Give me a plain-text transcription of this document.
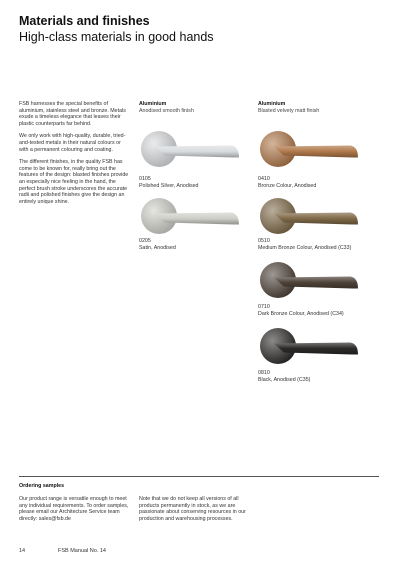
Materials and finishes
High-class materials in good hands

FSB harnesses the special benefits of aluminium, stainless steel and bronze. Metals exude a timeless elegance that leaves their plastic counterparts far behind.

We only work with high-quality, durable, tried-and-tested metals in their natural colours or with a permanent colouring and coating.

The different finishes, in the quality FSB has come to be known for, really bring out the features of the design: blasted finishes provide an especially nice feeling in the hand, the perfect brush stroke underscores the accurate radii and polished finishes give the design an entirely unique shine.

Aluminium
Anodised smooth finish
Aluminium
Blasted velvety matt finish
0105
Polished Silver, Anodised
0205
Satin, Anodised
0410
Bronze Colour, Anodised
0510
Medium Bronze Colour, Anodised (C33)
0710
Dark Bronze Colour, Anodised (C34)
0810
Black, Anodised (C35)
Ordering samples
Our product range is versatile enough to meet any individual requirements. To order samples, please email our Architecture Service team directly: sales@fsb.de
Note that we do not keep all versions of all products permanently in stock, as we are passionate about conserving resources in our production and warehousing processes.
14	FSB Manual No. 14
